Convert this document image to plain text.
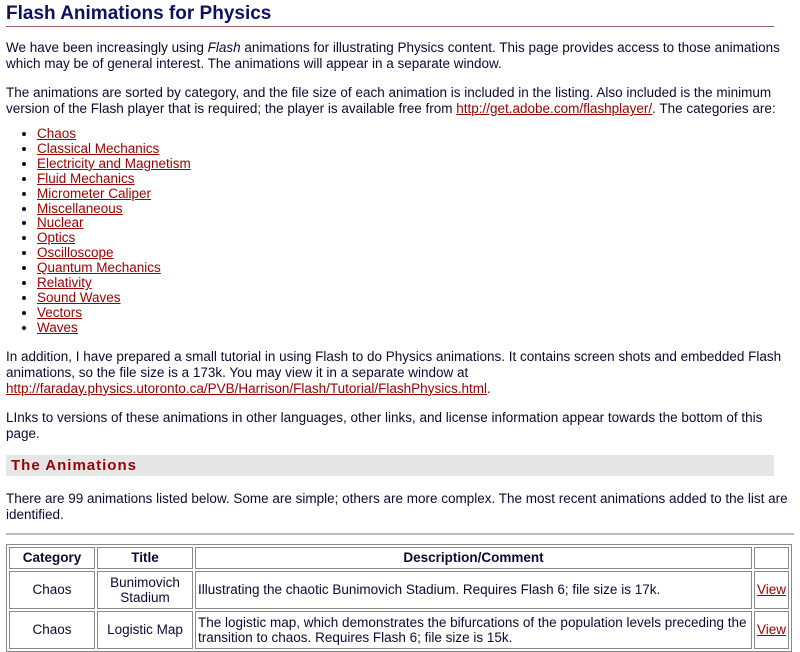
Flash Animations for Physics

We have been increasingly using Flash animations for illustrating Physics content. This page provides access to those animations which may be of general interest. The animations will appear in a separate window.

The animations are sorted by category, and the file size of each animation is included in the listing. Also included is the minimum version of the Flash player that is required; the player is available free from http://get.adobe.com/flashplayer/. The categories are:

• Chaos
• Classical Mechanics
• Electricity and Magnetism
• Fluid Mechanics
• Micrometer Caliper
• Miscellaneous
• Nuclear
• Optics
• Oscilloscope
• Quantum Mechanics
• Relativity
• Sound Waves
• Vectors
• Waves

In addition, I have prepared a small tutorial in using Flash to do Physics animations. It contains screen shots and embedded Flash animations, so the file size is a 173k. You may view it in a separate window at http://faraday.physics.utoronto.ca/PVB/Harrison/Flash/Tutorial/FlashPhysics.html.

LInks to versions of these animations in other languages, other links, and license information appear towards the bottom of this page.

The Animations

There are 99 animations listed below. Some are simple; others are more complex. The most recent animations added to the list are identified.

Category	Title	Description/Comment	
Chaos	Bunimovich Stadium	Illustrating the chaotic Bunimovich Stadium. Requires Flash 6; file size is 17k.	View
Chaos	Logistic Map	The logistic map, which demonstrates the bifurcations of the population levels preceding the transition to chaos. Requires Flash 6; file size is 15k.	View
